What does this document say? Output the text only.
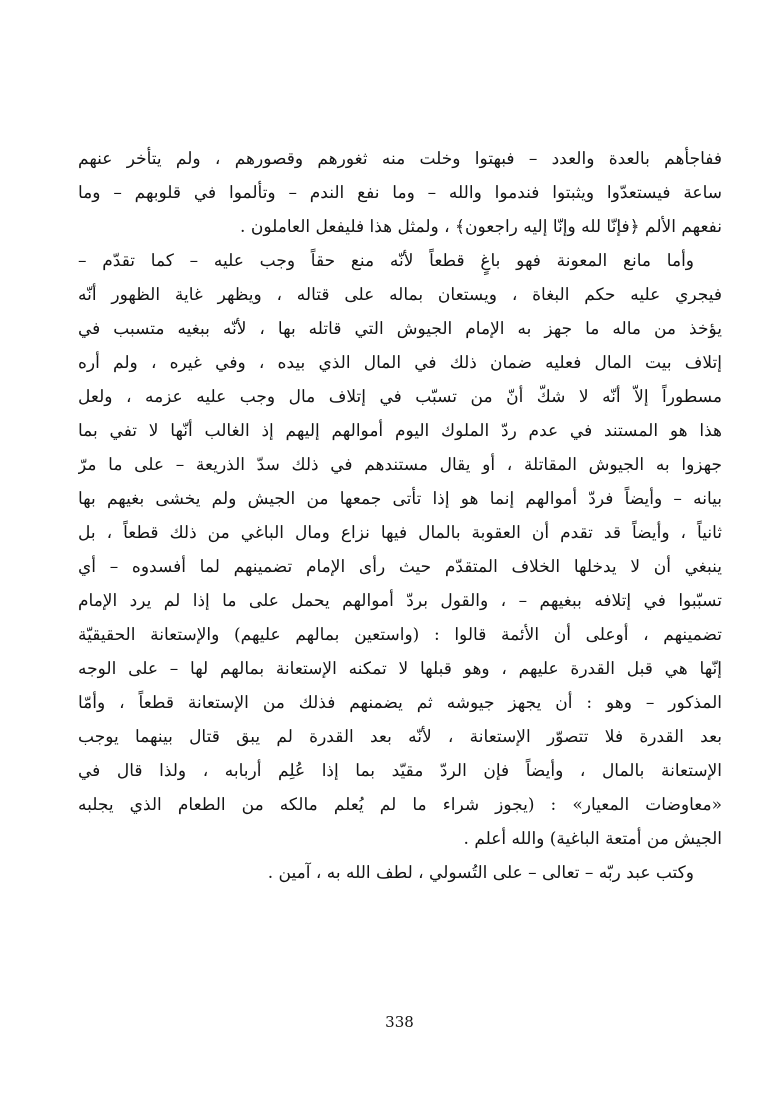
ففاجأهم بالعدة والعدد – فبهتوا وخلت منه ثغورهم وقصورهم ، ولم يتأخر عنهم
ساعة فيستعدّوا ويثبتوا فندموا والله – وما نفع الندم – وتألموا في قلوبهم – وما
نفعهم الألم ﴿فإنّا لله وإنّا إليه راجعون﴾ ، ولمثل هذا فليفعل العاملون .
وأما مانع المعونة فهو باغٍ قطعاً لأنّه منع حقاً وجب عليه – كما تقدّم –
فيجري عليه حكم البغاة ، ويستعان بماله على قتاله ، ويظهر غاية الظهور أنّه
يؤخذ من ماله ما جهز به الإمام الجيوش التي قاتله بها ، لأنّه ببغيه متسبب في
إتلاف بيت المال فعليه ضمان ذلك في المال الذي بيده ، وفي غيره ، ولم أره
مسطوراً إلاّ أنّه لا شكّ أنّ من تسبّب في إتلاف مال وجب عليه عزمه ، ولعل
هذا هو المستند في عدم ردّ الملوك اليوم أموالهم إليهم إذ الغالب أنّها لا تفي بما
جهزوا به الجيوش المقاتلة ، أو يقال مستندهم في ذلك سدّ الذريعة – على ما مرّ
بيانه – وأيضاً فردّ أموالهم إنما هو إذا تأتى جمعها من الجيش ولم يخشى بغيهم بها
ثانياً ، وأيضاً قد تقدم أن العقوبة بالمال فيها نزاع ومال الباغي من ذلك قطعاً ، بل
ينبغي أن لا يدخلها الخلاف المتقدّم حيث رأى الإمام تضمينهم لما أفسدوه – أي
تسبّبوا في إتلافه ببغيهم – ، والقول بردّ أموالهم يحمل على ما إذا لم يرد الإمام
تضمينهم ، أوعلى أن الأئمة قالوا : (واستعين بمالهم عليهم) والإستعانة الحقيقيّة
إنّها هي قبل القدرة عليهم ، وهو قبلها لا تمكنه الإستعانة بمالهم لها – على الوجه
المذكور – وهو : أن يجهز جيوشه ثم يضمنهم فذلك من الإستعانة قطعاً ، وأمّا
بعد القدرة فلا تتصوّر الإستعانة ، لأنّه بعد القدرة لم يبق قتال بينهما يوجب
الإستعانة بالمال ، وأيضاً فإن الردّ مقيّد بما إذا عُلِم أربابه ، ولذا قال في
«معاوضات المعيار» : (يجوز شراء ما لم يُعلم مالكه من الطعام الذي يجلبه
الجيش من أمتعة الباغية) والله أعلم .
وكتب عبد ربّه – تعالى – على التُسولي ، لطف الله به ، آمين .
338
